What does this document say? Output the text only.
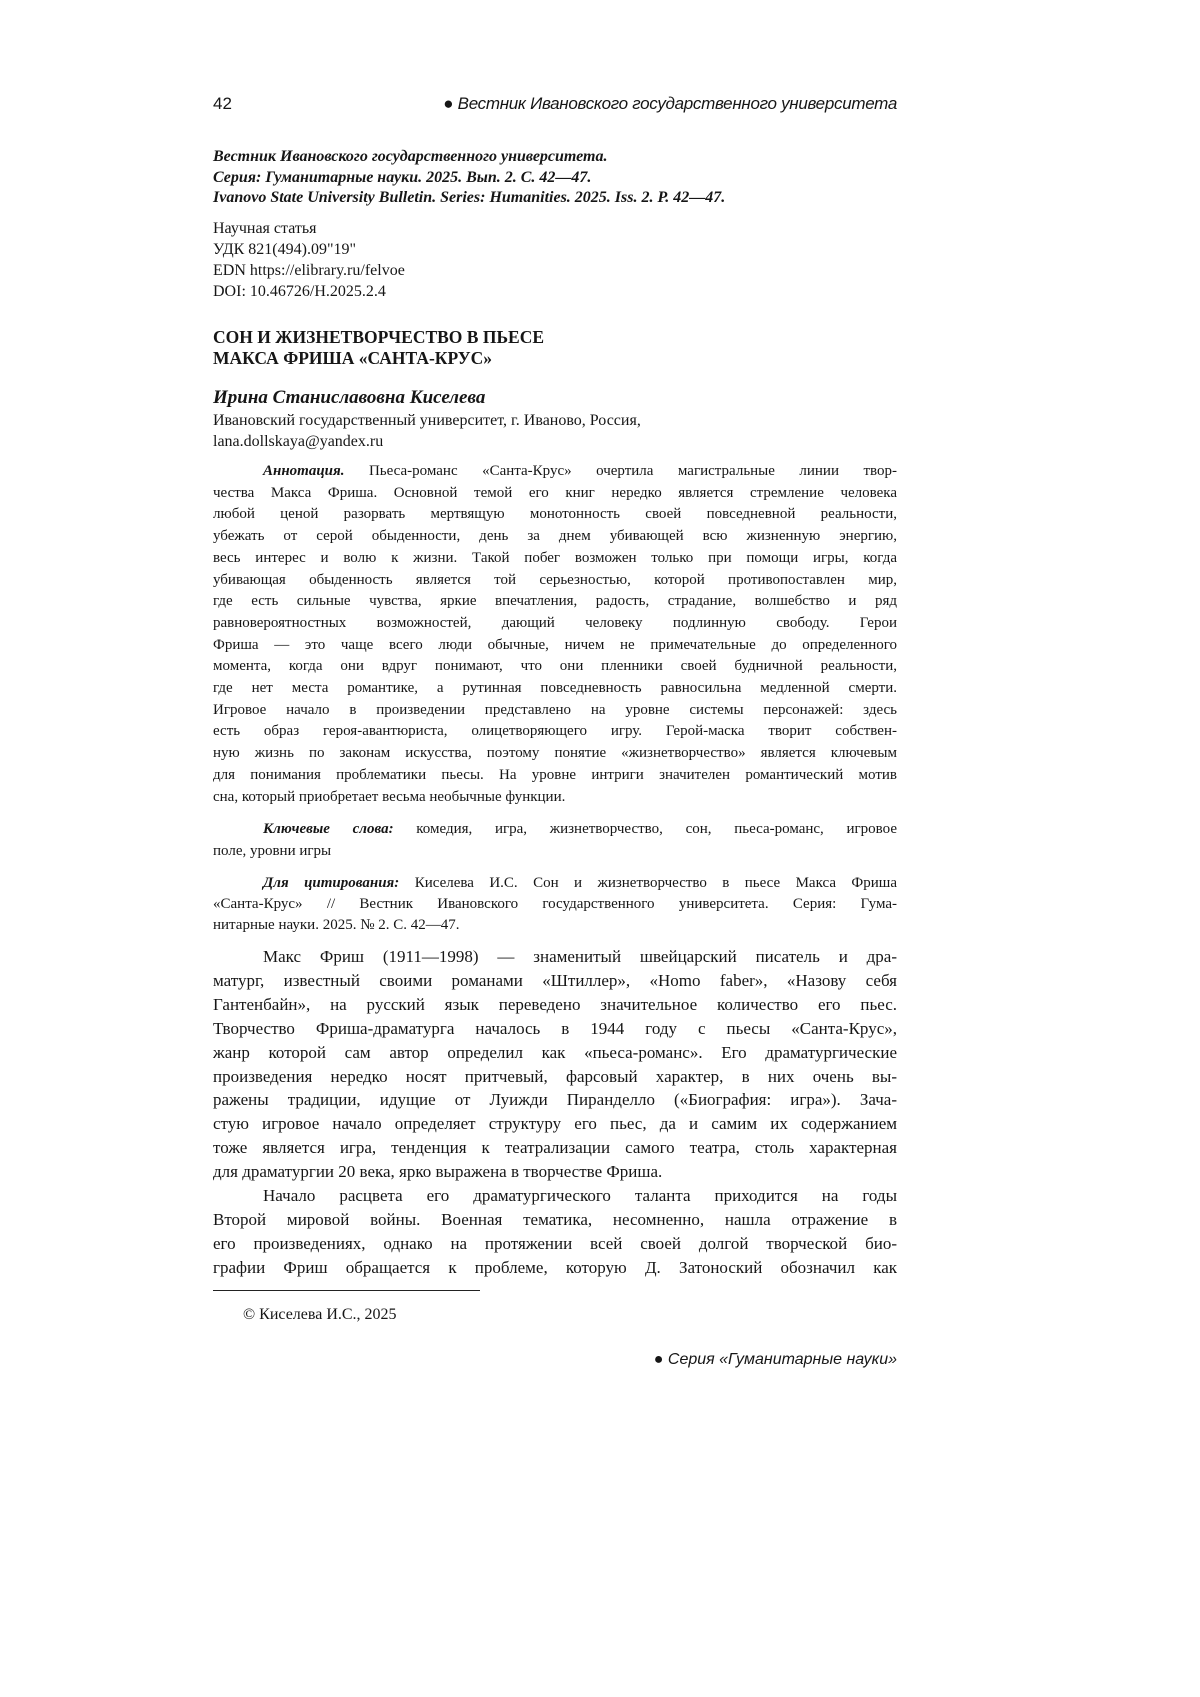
42	● Вестник Ивановского государственного университета
Вестник Ивановского государственного университета.
Серия: Гуманитарные науки. 2025. Вып. 2. С. 42—47.
Ivanovo State University Bulletin. Series: Humanities. 2025. Iss. 2. P. 42—47.
Научная статья
УДК 821(494).09"19"
EDN https://elibrary.ru/felvoe
DOI: 10.46726/H.2025.2.4
СОН И ЖИЗНЕТВОРЧЕСТВО В ПЬЕСЕ
МАКСА ФРИША «САНТА-КРУС»
Ирина Станиславовна Киселева
Ивановский государственный университет, г. Иваново, Россия,
lana.dollskaya@yandex.ru
Аннотация. Пьеса-романс «Санта-Крус» очертила магистральные линии твор-
чества Макса Фриша. Основной темой его книг нередко является стремление человека
любой ценой разорвать мертвящую монотонность своей повседневной реальности,
убежать от серой обыденности, день за днем убивающей всю жизненную энергию,
весь интерес и волю к жизни. Такой побег возможен только при помощи игры, когда
убивающая обыденность является той серьезностью, которой противопоставлен мир,
где есть сильные чувства, яркие впечатления, радость, страдание, волшебство и ряд
равновероятностных возможностей, дающий человеку подлинную свободу. Герои
Фриша — это чаще всего люди обычные, ничем не примечательные до определенного
момента, когда они вдруг понимают, что они пленники своей будничной реальности,
где нет места романтике, а рутинная повседневность равносильна медленной смерти.
Игровое начало в произведении представлено на уровне системы персонажей: здесь
есть образ героя-авантюриста, олицетворяющего игру. Герой-маска творит собствен-
ную жизнь по законам искусства, поэтому понятие «жизнетворчество» является ключевым
для понимания проблематики пьесы. На уровне интриги значителен романтический мотив
сна, который приобретает весьма необычные функции.
Ключевые слова: комедия, игра, жизнетворчество, сон, пьеса-романс, игровое
поле, уровни игры
Для цитирования: Киселева И.С. Сон и жизнетворчество в пьесе Макса Фриша
«Санта-Крус» // Вестник Ивановского государственного университета. Серия: Гума-
нитарные науки. 2025. № 2. С. 42—47.
Макс Фриш (1911—1998) — знаменитый швейцарский писатель и дра-
матург, известный своими романами «Штиллер», «Homo faber», «Назову себя
Гантенбайн», на русский язык переведено значительное количество его пьес.
Творчество Фриша-драматурга началось в 1944 году с пьесы «Санта-Крус»,
жанр которой сам автор определил как «пьеса-романс». Его драматургические
произведения нередко носят притчевый, фарсовый характер, в них очень вы-
ражены традиции, идущие от Луижди Пиранделло («Биография: игра»). Зача-
стую игровое начало определяет структуру его пьес, да и самим их содержанием
тоже является игра, тенденция к театрализации самого театра, столь характерная
для драматургии 20 века, ярко выражена в творчестве Фриша.
Начало расцвета его драматургического таланта приходится на годы
Второй мировой войны. Военная тематика, несомненно, нашла отражение в
его произведениях, однако на протяжении всей своей долгой творческой био-
графии Фриш обращается к проблеме, которую Д. Затоноский обозначил как
© Киселева И.С., 2025
● Серия «Гуманитарные науки»
